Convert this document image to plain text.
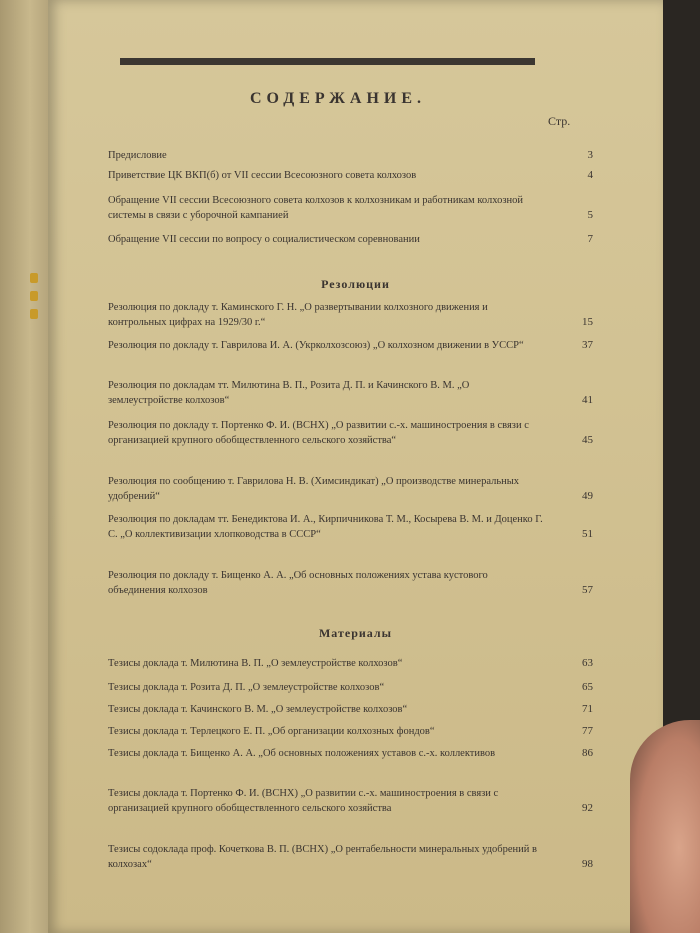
СОДЕРЖАНИЕ.
Стр.
Предисловие	3
Приветствие ЦК ВКП(б) от VII сессии Всесоюзного совета колхозов	4
Обращение VII сессии Всесоюзного совета колхозов к колхозникам и работникам колхозной системы в связи с уборочной кампанией	5
Обращение VII сессии по вопросу о социалистическом соревновании	7
Резолюции
Резолюция по докладу т. Каминского Г. Н. „О развертывании колхозного движения и контрольных цифрах на 1929/30 г.“	15
Резолюция по докладу т. Гаврилова И. А. (Укрколхозсоюз) „О колхозном движении в УССР“	37
Резолюция по докладам тт. Милютина В. П., Розита Д. П. и Качинского В. М. „О землеустройстве колхозов“	41
Резолюция по докладу т. Портенко Ф. И. (ВСНХ) „О развитии с.-х. машиностроения в связи с организацией крупного обобществленного сельского хозяйства“	45
Резолюция по сообщению т. Гаврилова Н. В. (Химсиндикат) „О производстве минеральных удобрений“	49
Резолюция по докладам тт. Бенедиктова И. А., Кирпичникова Т. М., Косырева В. М. и Доценко Г. С. „О коллективизации хлопководства в СССР“	51
Резолюция по докладу т. Бищенко А. А. „Об основных положениях устава кустового объединения колхозов	57
Материалы
Тезисы доклада т. Милютина В. П. „О землеустройстве колхозов“	63
Тезисы доклада т. Розита Д. П. „О землеустройстве колхозов“	65
Тезисы доклада т. Качинского В. М. „О землеустройстве колхозов“	71
Тезисы доклада т. Терлецкого Е. П. „Об организации колхозных фондов“	77
Тезисы доклада т. Бищенко А. А. „Об основных положениях уставов с.-х. коллективов	86
Тезисы доклада т. Портенко Ф. И. (ВСНХ) „О развитии с.-х. машиностроения в связи с организацией крупного обобществленного сельского хозяйства	92
Тезисы содоклада проф. Кочеткова В. П. (ВСНХ) „О рентабельности минеральных удобрений в колхозах“	98
